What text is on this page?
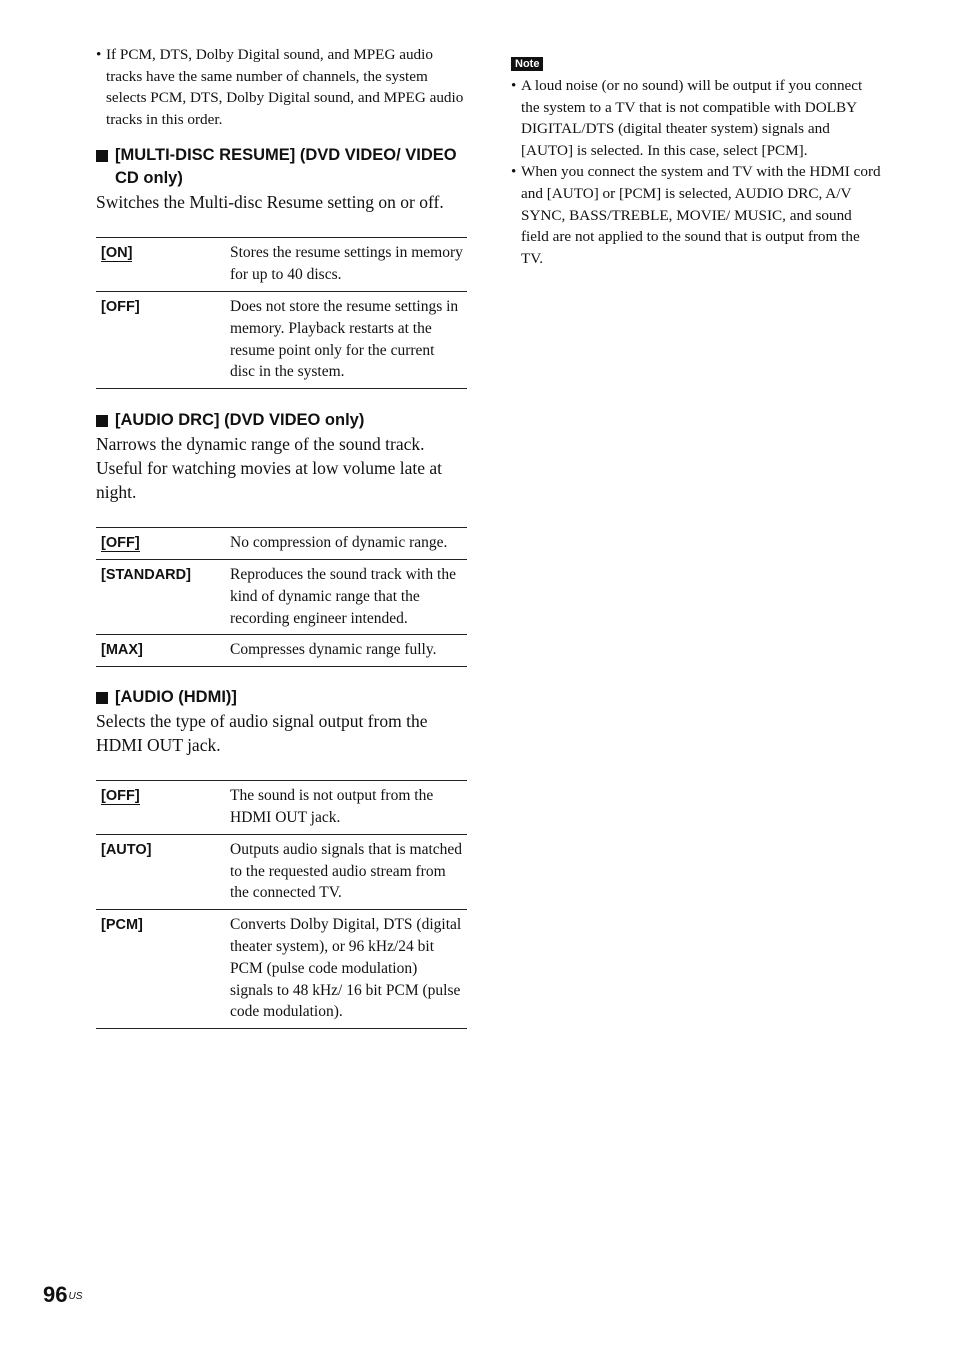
• If PCM, DTS, Dolby Digital sound, and MPEG audio tracks have the same number of channels, the system selects PCM, DTS, Dolby Digital sound, and MPEG audio tracks in this order.
[MULTI-DISC RESUME] (DVD VIDEO/ VIDEO CD only)
Switches the Multi-disc Resume setting on or off.
[ON]	Stores the resume settings in memory for up to 40 discs.
[OFF]	Does not store the resume settings in memory. Playback restarts at the resume point only for the current disc in the system.
[AUDIO DRC] (DVD VIDEO only)
Narrows the dynamic range of the sound track. Useful for watching movies at low volume late at night.
[OFF]	No compression of dynamic range.
[STANDARD]	Reproduces the sound track with the kind of dynamic range that the recording engineer intended.
[MAX]	Compresses dynamic range fully.
[AUDIO (HDMI)]
Selects the type of audio signal output from the HDMI OUT jack.
[OFF]	The sound is not output from the HDMI OUT jack.
[AUTO]	Outputs audio signals that is matched to the requested audio stream from the connected TV.
[PCM]	Converts Dolby Digital, DTS (digital theater system), or 96 kHz/24 bit PCM (pulse code modulation) signals to 48 kHz/ 16 bit PCM (pulse code modulation).
Note
• A loud noise (or no sound) will be output if you connect the system to a TV that is not compatible with DOLBY DIGITAL/DTS (digital theater system) signals and [AUTO] is selected. In this case, select [PCM].
• When you connect the system and TV with the HDMI cord and [AUTO] or [PCM] is selected, AUDIO DRC, A/V SYNC, BASS/TREBLE, MOVIE/ MUSIC, and sound field are not applied to the sound that is output from the TV.
$96^{US}$
